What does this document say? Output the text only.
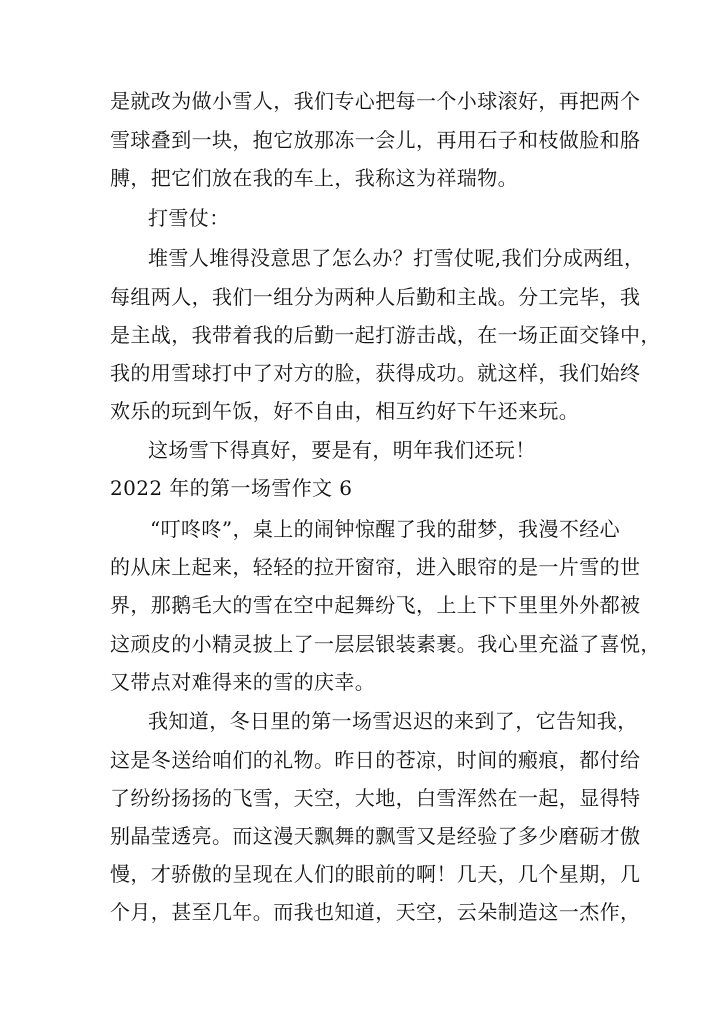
是就改为做小雪人，我们专心把每一个小球滚好，再把两个
雪球叠到一块，抱它放那冻一会儿，再用石子和枝做脸和胳
膊，把它们放在我的车上，我称这为祥瑞物。
打雪仗：
堆雪人堆得没意思了怎么办？打雪仗呢,我们分成两组，
每组两人，我们一组分为两种人后勤和主战。分工完毕，我
是主战，我带着我的后勤一起打游击战，在一场正面交锋中，
我的用雪球打中了对方的脸，获得成功。就这样，我们始终
欢乐的玩到午饭，好不自由，相互约好下午还来玩。
这场雪下得真好，要是有，明年我们还玩！
2022 年的第一场雪作文 6
“叮咚咚”，桌上的闹钟惊醒了我的甜梦，我漫不经心
的从床上起来，轻轻的拉开窗帘，进入眼帘的是一片雪的世
界，那鹅毛大的雪在空中起舞纷飞，上上下下里里外外都被
这顽皮的小精灵披上了一层层银装素裹。我心里充溢了喜悦，
又带点对难得来的雪的庆幸。
我知道，冬日里的第一场雪迟迟的来到了，它告知我，
这是冬送给咱们的礼物。昨日的苍凉，时间的瘢痕，都付给
了纷纷扬扬的飞雪，天空，大地，白雪浑然在一起，显得特
别晶莹透亮。而这漫天飘舞的飘雪又是经验了多少磨砺才傲
慢，才骄傲的呈现在人们的眼前的啊！几天，几个星期，几
个月，甚至几年。而我也知道，天空，云朵制造这一杰作，
